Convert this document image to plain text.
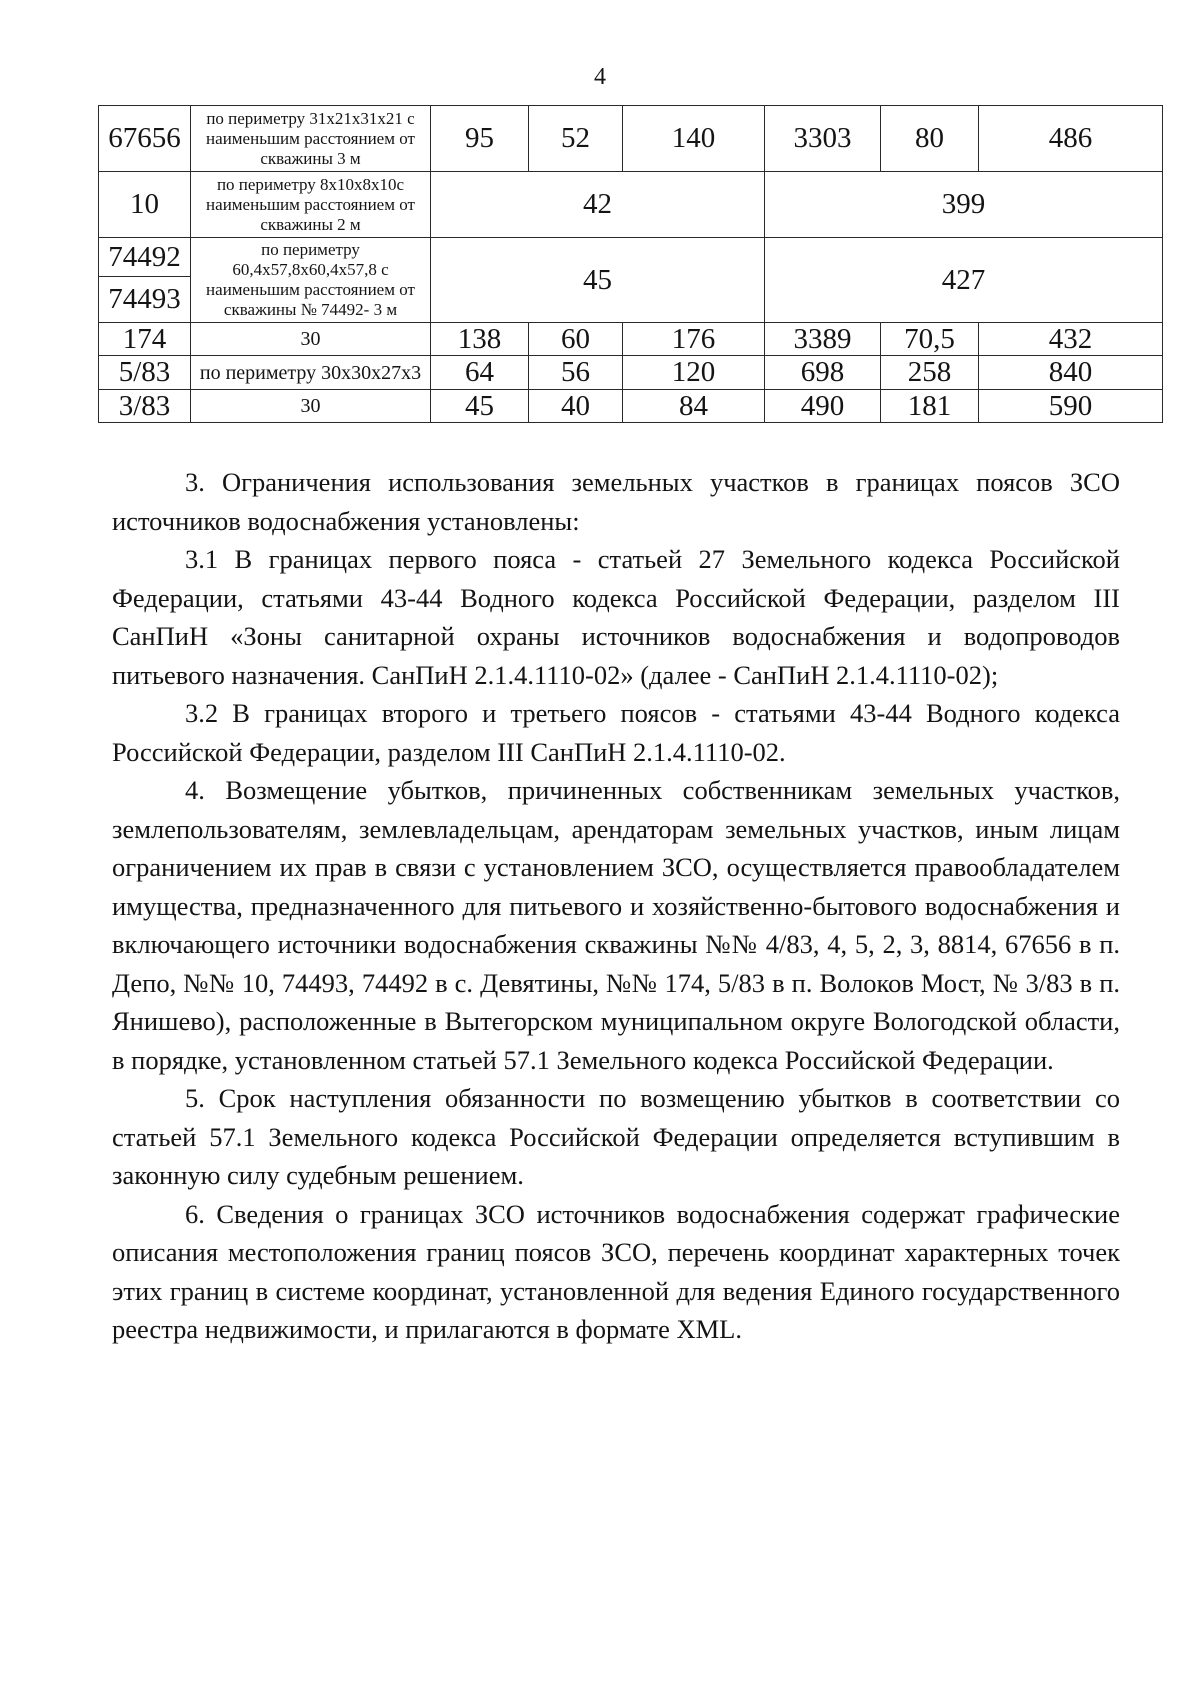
4
67656	по периметру 31х21х31х21 с наименьшим расстоянием от скважины 3 м	95	52	140	3303	80	486
10	по периметру 8х10х8х10с наименьшим расстоянием от скважины 2 м	42			399		
74492	по периметру 60,4х57,8х60,4х57,8 с наименьшим расстоянием от скважины № 74492- 3 м	45			427		
74493							
174	30	138	60	176	3389	70,5	432
5/83	по периметру 30х30х27х3	64	56	120	698	258	840
3/83	30	45	40	84	490	181	590

3. Ограничения использования земельных участков в границах поясов ЗСО источников водоснабжения установлены:

3.1 В границах первого пояса - статьей 27 Земельного кодекса Российской Федерации, статьями 43-44 Водного кодекса Российской Федерации, разделом III СанПиН «Зоны санитарной охраны источников водоснабжения и водопроводов питьевого назначения. СанПиН 2.1.4.1110-02» (далее - СанПиН 2.1.4.1110-02);

3.2 В границах второго и третьего поясов - статьями 43-44 Водного кодекса Российской Федерации, разделом III СанПиН 2.1.4.1110-02.

4. Возмещение убытков, причиненных собственникам земельных участков, землепользователям, землевладельцам, арендаторам земельных участков, иным лицам ограничением их прав в связи с установлением ЗСО, осуществляется правообладателем имущества, предназначенного для питьевого и хозяйственно-бытового водоснабжения и включающего источники водоснабжения скважины №№ 4/83, 4, 5, 2, 3, 8814, 67656 в п. Депо, №№ 10, 74493, 74492 в с. Девятины, №№ 174, 5/83 в п. Волоков Мост, № 3/83 в п. Янишево), расположенные в Вытегорском муниципальном округе Вологодской области, в порядке, установленном статьей 57.1 Земельного кодекса Российской Федерации.

5. Срок наступления обязанности по возмещению убытков в соответствии со статьей 57.1 Земельного кодекса Российской Федерации определяется вступившим в законную силу судебным решением.

6. Сведения о границах ЗСО источников водоснабжения содержат графические описания местоположения границ поясов ЗСО, перечень координат характерных точек этих границ в системе координат, установленной для ведения Единого государственного реестра недвижимости, и прилагаются в формате XML.
